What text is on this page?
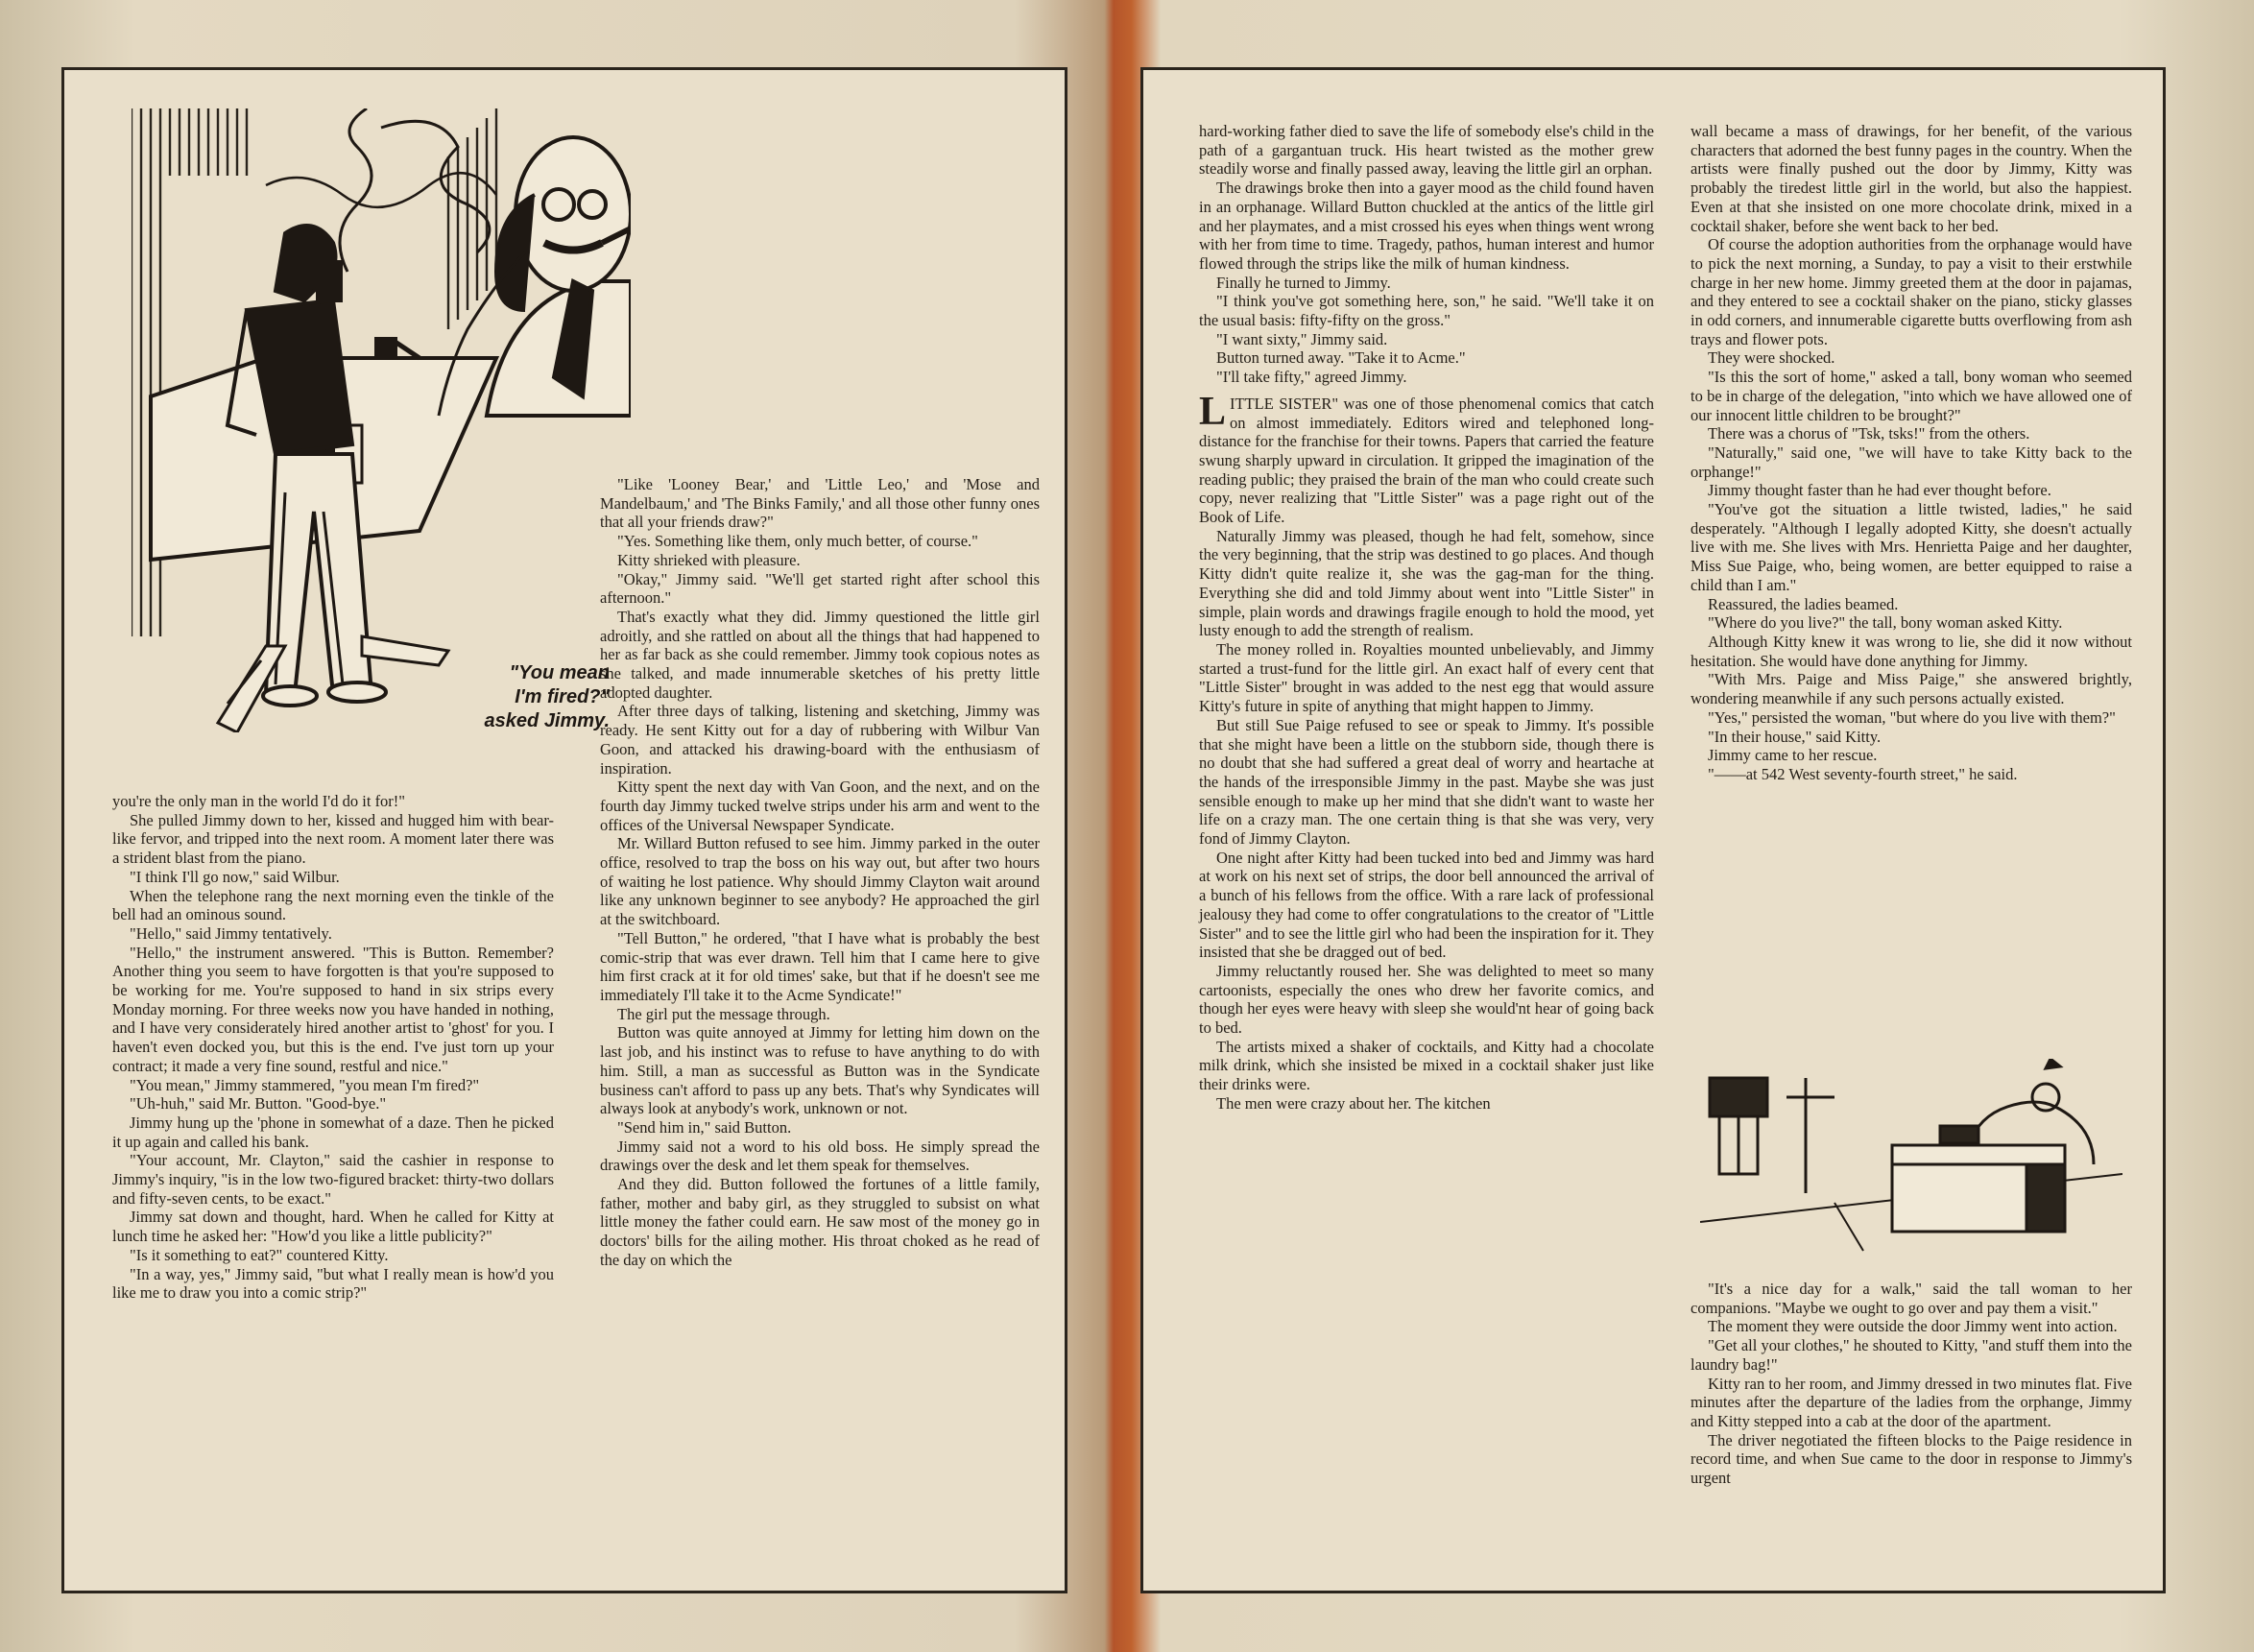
"You mean
I'm fired?"
asked Jimmy.

you're the only man in the world I'd do it for!"

She pulled Jimmy down to her, kissed and hugged him with bear-like fervor, and tripped into the next room. A moment later there was a strident blast from the piano.

"I think I'll go now," said Wilbur.

When the telephone rang the next morning even the tinkle of the bell had an ominous sound.

"Hello," said Jimmy tentatively.

"Hello," the instrument answered. "This is Button. Remember? Another thing you seem to have forgotten is that you're supposed to be working for me. You're supposed to hand in six strips every Monday morning. For three weeks now you have handed in nothing, and I have very considerately hired another artist to 'ghost' for you. I haven't even docked you, but this is the end. I've just torn up your contract; it made a very fine sound, restful and nice."

"You mean," Jimmy stammered, "you mean I'm fired?"

"Uh-huh," said Mr. Button. "Good-bye."

Jimmy hung up the 'phone in somewhat of a daze. Then he picked it up again and called his bank.

"Your account, Mr. Clayton," said the cashier in response to Jimmy's inquiry, "is in the low two-figured bracket: thirty-two dollars and fifty-seven cents, to be exact."

Jimmy sat down and thought, hard. When he called for Kitty at lunch time he asked her: "How'd you like a little publicity?"

"Is it something to eat?" countered Kitty.

"In a way, yes," Jimmy said, "but what I really mean is how'd you like me to draw you into a comic strip?"

"Like 'Looney Bear,' and 'Little Leo,' and 'Mose and Mandelbaum,' and 'The Binks Family,' and all those other funny ones that all your friends draw?"

"Yes. Something like them, only much better, of course."

Kitty shrieked with pleasure.

"Okay," Jimmy said. "We'll get started right after school this afternoon."

That's exactly what they did. Jimmy questioned the little girl adroitly, and she rattled on about all the things that had happened to her as far back as she could remember. Jimmy took copious notes as she talked, and made innumerable sketches of his pretty little adopted daughter.

After three days of talking, listening and sketching, Jimmy was ready. He sent Kitty out for a day of rubbering with Wilbur Van Goon, and attacked his drawing-board with the enthusiasm of inspiration.

Kitty spent the next day with Van Goon, and the next, and on the fourth day Jimmy tucked twelve strips under his arm and went to the offices of the Universal Newspaper Syndicate.

Mr. Willard Button refused to see him. Jimmy parked in the outer office, resolved to trap the boss on his way out, but after two hours of waiting he lost patience. Why should Jimmy Clayton wait around like any unknown beginner to see anybody? He approached the girl at the switchboard.

"Tell Button," he ordered, "that I have what is probably the best comic-strip that was ever drawn. Tell him that I came here to give him first crack at it for old times' sake, but that if he doesn't see me immediately I'll take it to the Acme Syndicate!"

The girl put the message through.

Button was quite annoyed at Jimmy for letting him down on the last job, and his instinct was to refuse to have anything to do with him. Still, a man as successful as Button was in the Syndicate business can't afford to pass up any bets. That's why Syndicates will always look at anybody's work, unknown or not.

"Send him in," said Button.

Jimmy said not a word to his old boss. He simply spread the drawings over the desk and let them speak for themselves.

And they did. Button followed the fortunes of a little family, father, mother and baby girl, as they struggled to subsist on what little money the father could earn. He saw most of the money go in doctors' bills for the ailing mother. His throat choked as he read of the day on which the

hard-working father died to save the life of somebody else's child in the path of a gargantuan truck. His heart twisted as the mother grew steadily worse and finally passed away, leaving the little girl an orphan.

The drawings broke then into a gayer mood as the child found haven in an orphanage. Willard Button chuckled at the antics of the little girl and her playmates, and a mist crossed his eyes when things went wrong with her from time to time. Tragedy, pathos, human interest and humor flowed through the strips like the milk of human kindness.

Finally he turned to Jimmy.

"I think you've got something here, son," he said. "We'll take it on the usual basis: fifty-fifty on the gross."

"I want sixty," Jimmy said.

Button turned away. "Take it to Acme."

"I'll take fifty," agreed Jimmy.

LITTLE SISTER" was one of those phenomenal comics that catch on almost immediately. Editors wired and telephoned long-distance for the franchise for their towns. Papers that carried the feature swung sharply upward in circulation. It gripped the imagination of the reading public; they praised the brain of the man who could create such copy, never realizing that "Little Sister" was a page right out of the Book of Life.

Naturally Jimmy was pleased, though he had felt, somehow, since the very beginning, that the strip was destined to go places. And though Kitty didn't quite realize it, she was the gag-man for the thing. Everything she did and told Jimmy about went into "Little Sister" in simple, plain words and drawings fragile enough to hold the mood, yet lusty enough to add the strength of realism.

The money rolled in. Royalties mounted unbelievably, and Jimmy started a trust-fund for the little girl. An exact half of every cent that "Little Sister" brought in was added to the nest egg that would assure Kitty's future in spite of anything that might happen to Jimmy.

But still Sue Paige refused to see or speak to Jimmy. It's possible that she might have been a little on the stubborn side, though there is no doubt that she had suffered a great deal of worry and heartache at the hands of the irresponsible Jimmy in the past. Maybe she was just sensible enough to make up her mind that she didn't want to waste her life on a crazy man. The one certain thing is that she was very, very fond of Jimmy Clayton.

One night after Kitty had been tucked into bed and Jimmy was hard at work on his next set of strips, the door bell announced the arrival of a bunch of his fellows from the office. With a rare lack of professional jealousy they had come to offer congratulations to the creator of "Little Sister" and to see the little girl who had been the inspiration for it. They insisted that she be dragged out of bed.

Jimmy reluctantly roused her. She was delighted to meet so many cartoonists, especially the ones who drew her favorite comics, and though her eyes were heavy with sleep she would'nt hear of going back to bed.

The artists mixed a shaker of cocktails, and Kitty had a chocolate milk drink, which she insisted be mixed in a cocktail shaker just like their drinks were.

The men were crazy about her. The kitchen

wall became a mass of drawings, for her benefit, of the various characters that adorned the best funny pages in the country. When the artists were finally pushed out the door by Jimmy, Kitty was probably the tiredest little girl in the world, but also the happiest. Even at that she insisted on one more chocolate drink, mixed in a cocktail shaker, before she went back to her bed.

Of course the adoption authorities from the orphanage would have to pick the next morning, a Sunday, to pay a visit to their erstwhile charge in her new home. Jimmy greeted them at the door in pajamas, and they entered to see a cocktail shaker on the piano, sticky glasses in odd corners, and innumerable cigarette butts overflowing from ash trays and flower pots.

They were shocked.

"Is this the sort of home," asked a tall, bony woman who seemed to be in charge of the delegation, "into which we have allowed one of our innocent little children to be brought?"

There was a chorus of "Tsk, tsks!" from the others.

"Naturally," said one, "we will have to take Kitty back to the orphange!"

Jimmy thought faster than he had ever thought before.

"You've got the situation a little twisted, ladies," he said desperately. "Although I legally adopted Kitty, she doesn't actually live with me. She lives with Mrs. Henrietta Paige and her daughter, Miss Sue Paige, who, being women, are better equipped to raise a child than I am."

Reassured, the ladies beamed.

"Where do you live?" the tall, bony woman asked Kitty.

Although Kitty knew it was wrong to lie, she did it now without hesitation. She would have done anything for Jimmy.

"With Mrs. Paige and Miss Paige," she answered brightly, wondering meanwhile if any such persons actually existed.

"Yes," persisted the woman, "but where do you live with them?"

"In their house," said Kitty.

Jimmy came to her rescue.

"——at 542 West seventy-fourth street," he said.

"It's a nice day for a walk," said the tall woman to her companions. "Maybe we ought to go over and pay them a visit."

The moment they were outside the door Jimmy went into action.

"Get all your clothes," he shouted to Kitty, "and stuff them into the laundry bag!"

Kitty ran to her room, and Jimmy dressed in two minutes flat. Five minutes after the departure of the ladies from the orphange, Jimmy and Kitty stepped into a cab at the door of the apartment.

The driver negotiated the fifteen blocks to the Paige residence in record time, and when Sue came to the door in response to Jimmy's urgent
